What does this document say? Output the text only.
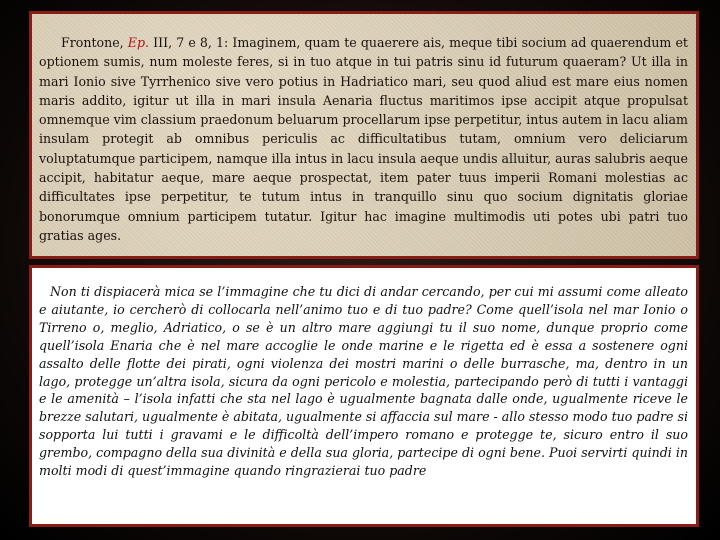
Frontone, Ep. III, 7 e 8, 1: Imaginem, quam te quaerere ais, meque tibi socium ad quaerendum et optionem sumis, num moleste feres, si in tuo atque in tui patris sinu id futurum quaeram? Ut illa in mari Ionio sive Tyrrhenico sive vero potius in Hadriatico mari, seu quod aliud est mare eius nomen maris addito, igitur ut illa in mari insula Aenaria fluctus maritimos ipse accipit atque propulsat omnemque vim classium praedonum beluarum procellarum ipse perpetitur, intus autem in lacu aliam insulam protegit ab omnibus periculis ac difficultatibus tutam, omnium vero deliciarum voluptatumque participem, namque illa intus in lacu insula aeque undis alluitur, auras salubris aeque accipit, habitatur aeque, mare aeque prospectat, item pater tuus imperii Romani molestias ac difficultates ipse perpetitur, te tutum intus in tranquillo sinu quo socium dignitatis gloriae bonorumque omnium participem tutatur. Igitur hac imagine multimodis uti potes ubi patri tuo gratias ages.

Non ti dispiacerà mica se l’immagine che tu dici di andar cercando, per cui mi assumi come alleato e aiutante, io cercherò di collocarla nell’animo tuo e di tuo padre? Come quell’isola nel mar Ionio o Tirreno o, meglio, Adriatico, o se è un altro mare aggiungi tu il suo nome, dunque proprio come quell’isola Enaria che è nel mare accoglie le onde marine e le rigetta ed è essa a sostenere ogni assalto delle flotte dei pirati, ogni violenza dei mostri marini o delle burrasche, ma, dentro in un lago, protegge un’altra isola, sicura da ogni pericolo e molestia, partecipando però di tutti i vantaggi e le amenità – l’isola infatti che sta nel lago è ugualmente bagnata dalle onde, ugualmente riceve le brezze salutari, ugualmente è abitata, ugualmente si affaccia sul mare - allo stesso modo tuo padre si sopporta lui tutti i gravami e le difficoltà dell’impero romano e protegge te, sicuro entro il suo grembo, compagno della sua divinità e della sua gloria, partecipe di ogni bene. Puoi servirti quindi in molti modi di quest’immagine quando ringrazierai tuo padre
